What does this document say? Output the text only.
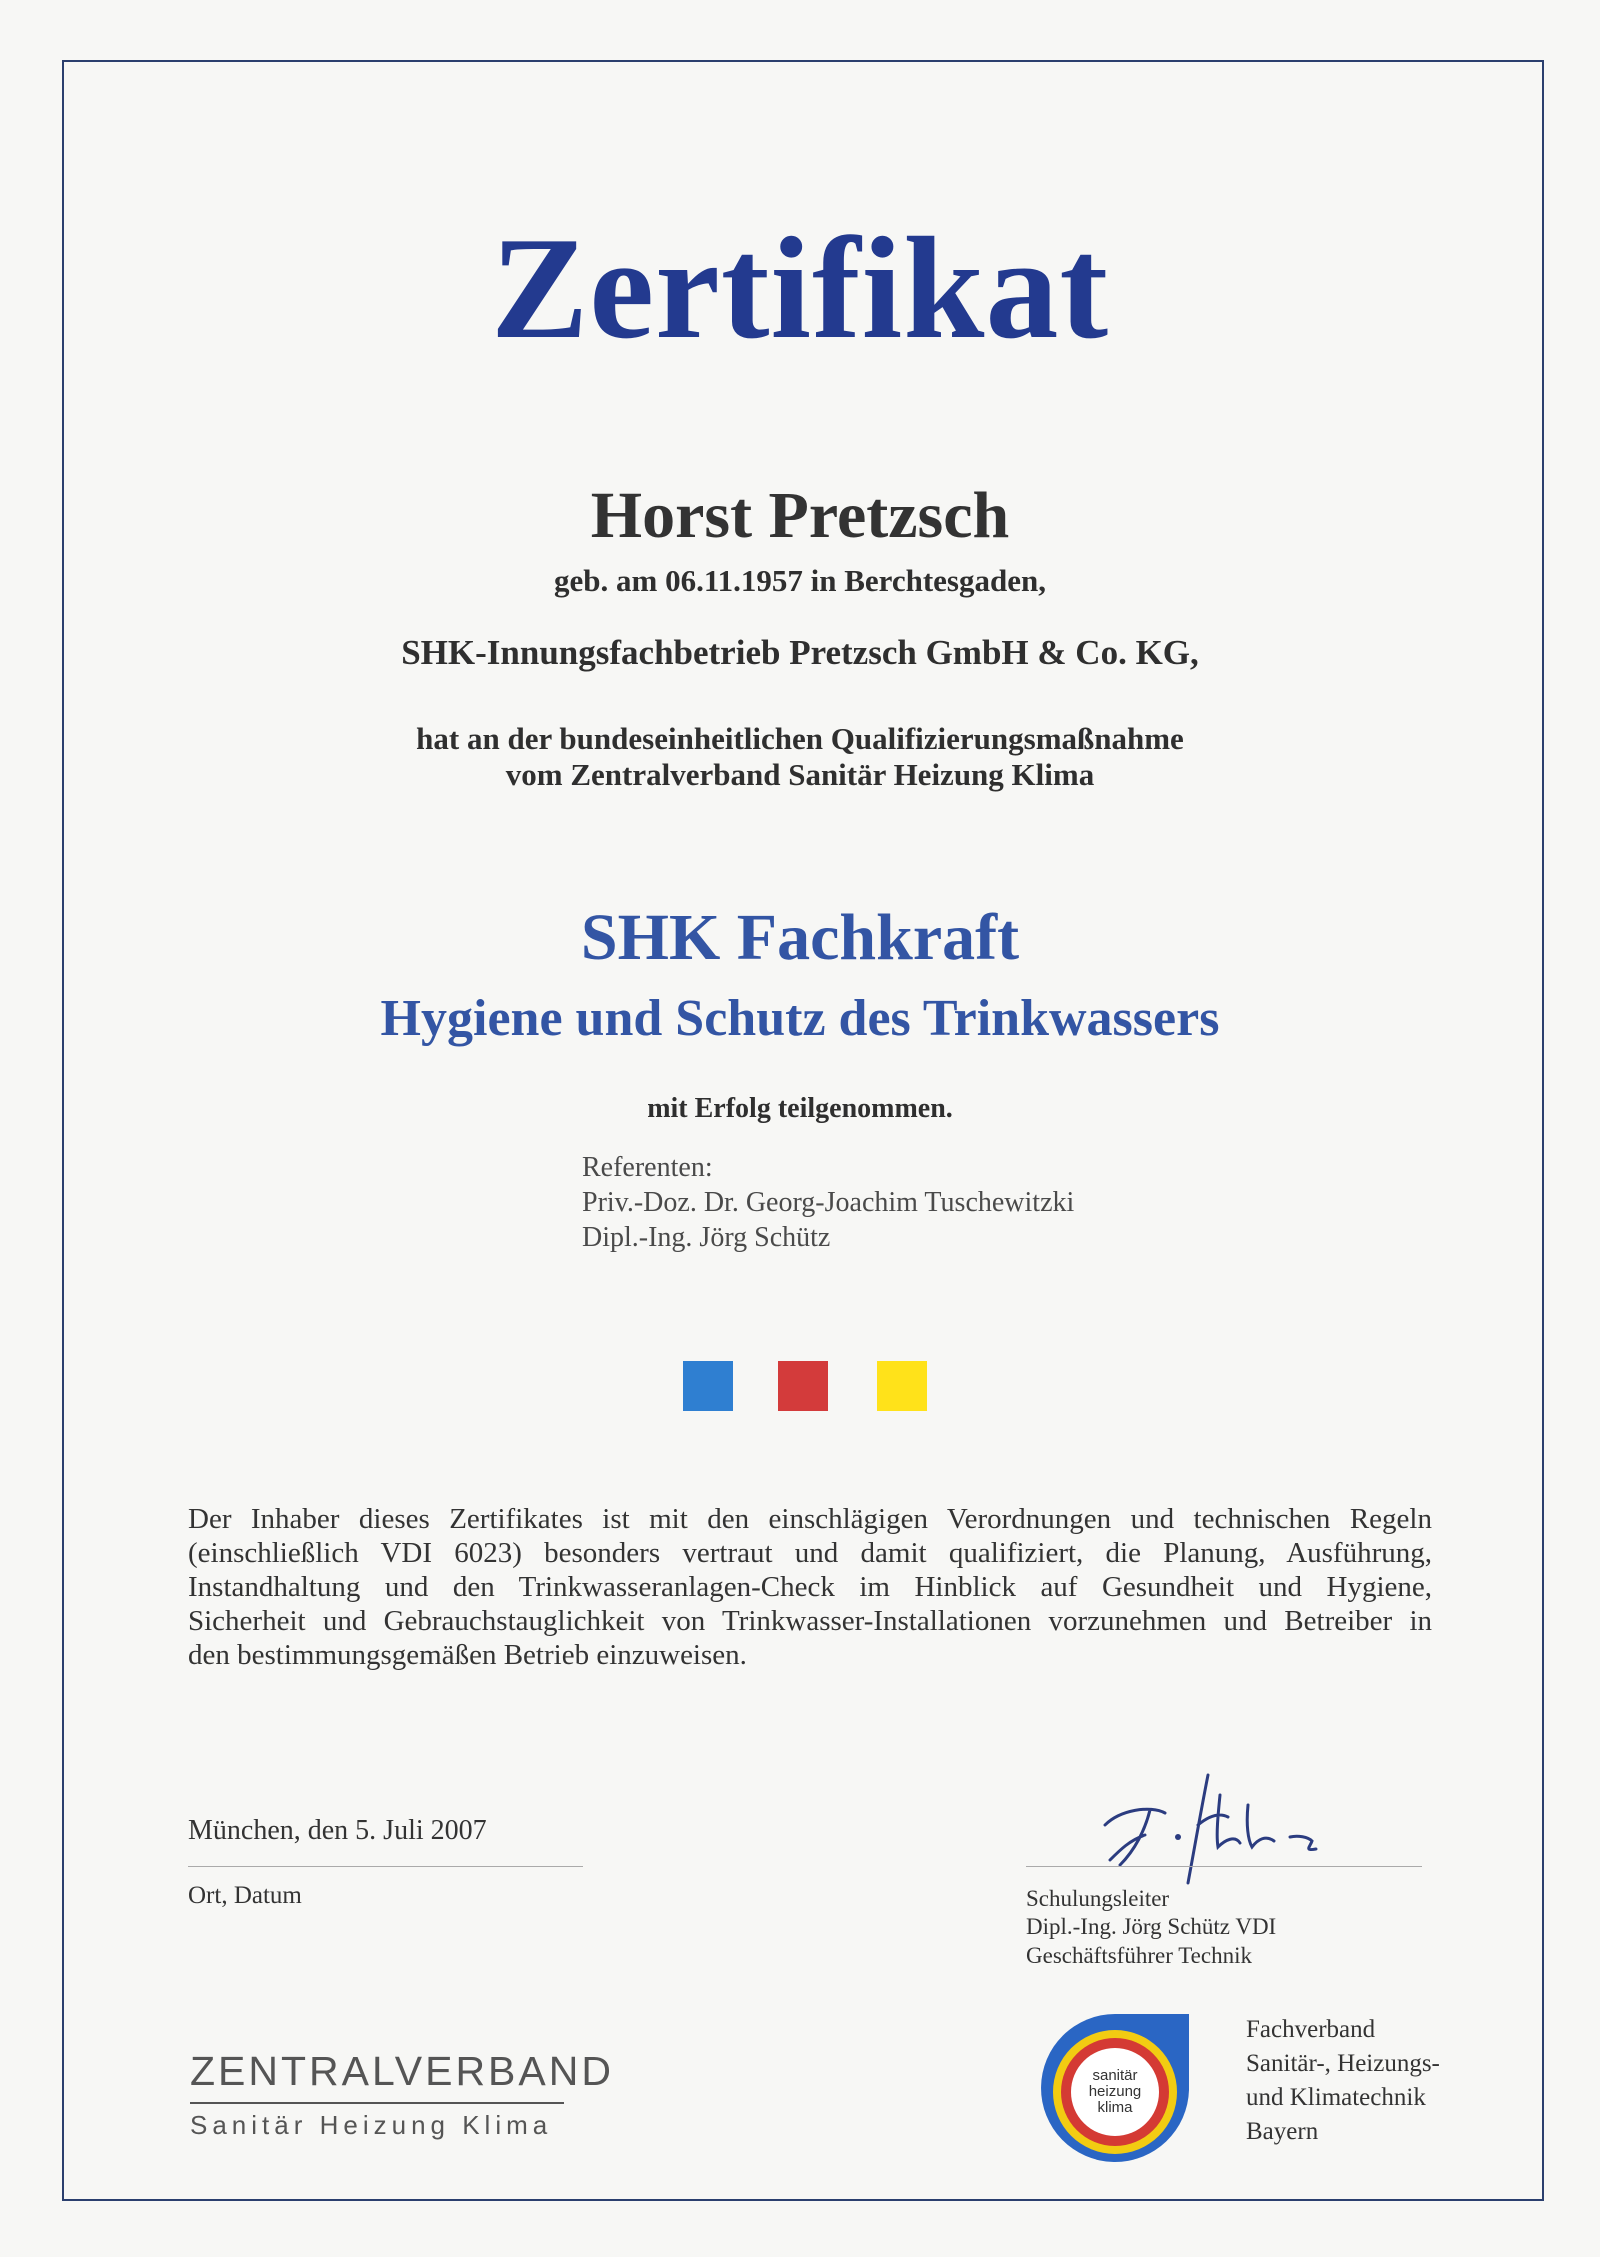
Zertifikat
Horst Pretzsch
geb. am 06.11.1957 in Berchtesgaden,
SHK-Innungsfachbetrieb Pretzsch GmbH & Co. KG,
hat an der bundeseinheitlichen Qualifizierungsmaßnahme
vom Zentralverband Sanitär Heizung Klima
SHK Fachkraft
Hygiene und Schutz des Trinkwassers
mit Erfolg teilgenommen.
Referenten:
Priv.-Doz. Dr. Georg-Joachim Tuschewitzki
Dipl.-Ing. Jörg Schütz
Der Inhaber dieses Zertifikates ist mit den einschlägigen Verordnungen und technischen Regeln
(einschließlich VDI 6023) besonders vertraut und damit qualifiziert, die Planung, Ausführung,
Instandhaltung und den Trinkwasseranlagen-Check im Hinblick auf Gesundheit und Hygiene,
Sicherheit und Gebrauchstauglichkeit von Trinkwasser-Installationen vorzunehmen und Betreiber in
den bestimmungsgemäßen Betrieb einzuweisen.
München, den 5. Juli 2007
Ort, Datum	Schulungsleiter
Dipl.-Ing. Jörg Schütz VDI
Geschäftsführer Technik
ZENTRALVERBAND
Sanitär Heizung Klima
sanitär
heizung
klima
Fachverband
Sanitär-, Heizungs-
und Klimatechnik
Bayern
